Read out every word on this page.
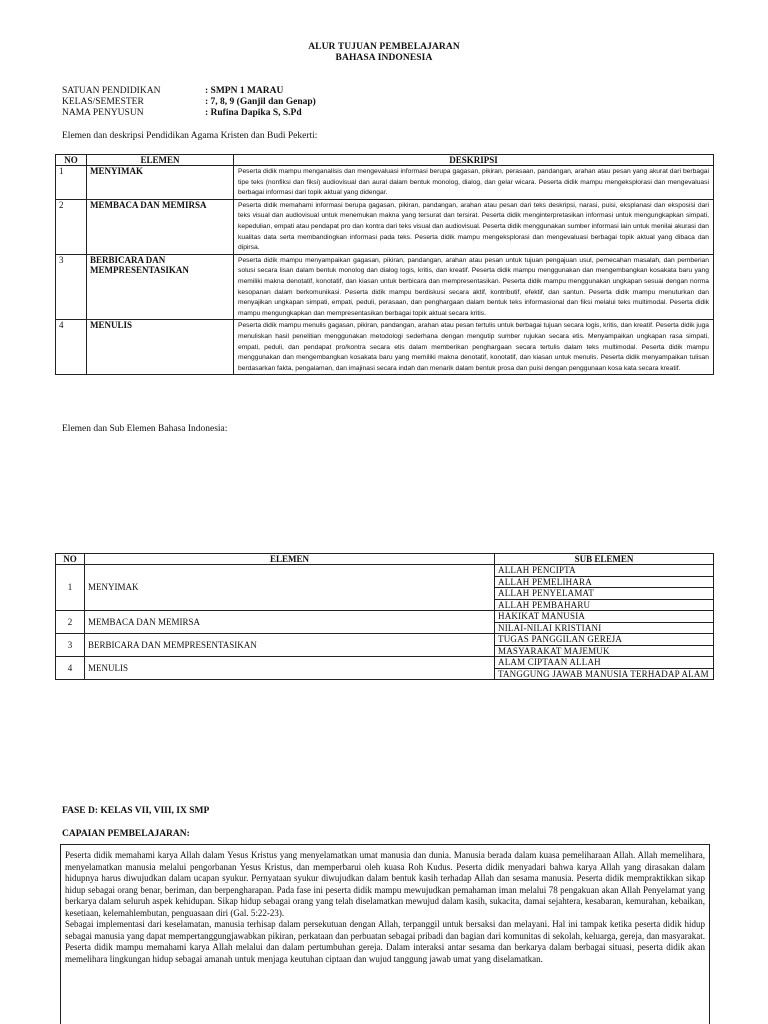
ALUR TUJUAN PEMBELAJARAN
BAHASA INDONESIA
SATUAN PENDIDIKAN	: SMPN 1 MARAU
KELAS/SEMESTER	: 7, 8, 9 (Ganjil dan Genap)
NAMA PENYUSUN	: Rufina Dapika S, S.Pd
Elemen dan deskripsi Pendidikan Agama Kristen dan Budi Pekerti:
NO	ELEMEN	DESKRIPSI
1	MENYIMAK	Peserta didik mampu menganalisis dan mengevaluasi informasi berupa gagasan, pikiran, perasaan, pandangan, arahan atau pesan yang akurat dari berbagai tipe teks (nonfiksi dan fiksi) audiovisual dan aural dalam bentuk monolog, dialog, dan gelar wicara. Peserta didik mampu mengeksplorasi dan mengevaluasi berbagai informasi dari topik aktual yang didengar.
2	MEMBACA DAN MEMIRSA	Peserta didik memahami informasi berupa gagasan, pikiran, pandangan, arahan atau pesan dari teks deskripsi, narasi, puisi, eksplanasi dan eksposisi dari teks visual dan audiovisual untuk menemukan makna yang tersurat dan tersirat. Peserta didik menginterpretasikan informasi untuk mengungkapkan simpati, kepedulian, empati atau pendapat pro dan kontra dari teks visual dan audiovisual. Peserta didik menggunakan sumber informasi lain untuk menilai akurasi dan kualitas data serta membandingkan informasi pada teks. Peserta didik mampu mengeksplorasi dan mengevaluasi berbagai topik aktual yang dibaca dan dipirsa.
3	BERBICARA DAN MEMPRESENTASIKAN	Peserta didik mampu menyampaikan gagasan, pikiran, pandangan, arahan atau pesan untuk tujuan pengajuan usul, pemecahan masalah, dan pemberian solusi secara lisan dalam bentuk monolog dan dialog logis, kritis, dan kreatif. Peserta didik mampu menggunakan dan mengembangkan kosakata baru yang memiliki makna denotatif, konotatif, dan kiasan untuk berbicara dan mempresentasikan. Peserta didik mampu menggunakan ungkapan sesuai dengan norma kesopanan dalam berkomunikasi. Peserta didik mampu berdiskusi secara aktif, kontributif, efektif, dan santun. Peserta didik mampu menuturkan dan menyajikan ungkapan simpati, empati, peduli, perasaan, dan penghargaan dalam bentuk teks informasional dan fiksi melalui teks multimodal. Peserta didik mampu mengungkapkan dan mempresentasikan berbagai topik aktual secara kritis.
4	MENULIS	Peserta didik mampu menulis gagasan, pikiran, pandangan, arahan atau pesan tertulis untuk berbagai tujuan secara logis, kritis, dan kreatif. Peserta didik juga menuliskan hasil penelitian menggunakan metodologi sederhana dengan mengutip sumber rujukan secara etis. Menyampaikan ungkapan rasa simpati, empati, peduli, dan pendapat pro/kontra secara etis dalam memberikan penghargaan secara tertulis dalam teks multimodal. Peserta didik mampu menggunakan dan mengembangkan kosakata baru yang memiliki makna denotatif, konotatif, dan kiasan untuk menulis. Peserta didik menyampaikan tulisan berdasarkan fakta, pengalaman, dan imajinasi secara indah dan menarik dalam bentuk prosa dan puisi dengan penggunaan kosa kata secara kreatif.
Elemen dan Sub Elemen Bahasa Indonesia:
NO	ELEMEN	SUB ELEMEN
1	MENYIMAK	ALLAH PENCIPTA
		ALLAH PEMELIHARA
		ALLAH PENYELAMAT
		ALLAH PEMBAHARU
2	MEMBACA DAN MEMIRSA	HAKIKAT MANUSIA
		NILAI-NILAI KRISTIANI
3	BERBICARA DAN MEMPRESENTASIKAN	TUGAS PANGGILAN GEREJA
		MASYARAKAT MAJEMUK
4	MENULIS	ALAM CIPTAAN ALLAH
		TANGGUNG JAWAB MANUSIA TERHADAP ALAM
FASE D: KELAS VII, VIII, IX SMP
CAPAIAN PEMBELAJARAN:

Peserta didik memahami karya Allah dalam Yesus Kristus yang menyelamatkan umat manusia dan dunia. Manusia berada dalam kuasa pemeliharaan Allah. Allah memelihara, menyelamatkan manusia melalui pengorbanan Yesus Kristus, dan memperbarui oleh kuasa Roh Kudus. Peserta didik menyadari bahwa karya Allah yang dirasakan dalam hidupnya harus diwujudkan dalam ucapan syukur. Pernyataan syukur diwujudkan dalam bentuk kasih terhadap Allah dan sesama manusia. Peserta didik mempraktikkan sikap hidup sebagai orang benar, beriman, dan berpengharapan. Pada fase ini peserta didik mampu mewujudkan pemahaman iman melalui 78 pengakuan akan Allah Penyelamat yang berkarya dalam seluruh aspek kehidupan. Sikap hidup sebagai orang yang telah diselamatkan mewujud dalam kasih, sukacita, damai sejahtera, kesabaran, kemurahan, kebaikan, kesetiaan, kelemahlembutan, penguasaan diri (Gal. 5:22-23).

Sebagai implementasi dari keselamatan, manusia terhisap dalam persekutuan dengan Allah, terpanggil untuk bersaksi dan melayani. Hal ini tampak ketika peserta didik hidup sebagai manusia yang dapat mempertanggungjawabkan pikiran, perkataan dan perbuatan sebagai pribadi dan bagian dari komunitas di sekolah, keluarga, gereja, dan masyarakat. Peserta didik mampu memahami karya Allah melalui dan dalam pertumbuhan gereja. Dalam interaksi antar sesama dan berkarya dalam berbagai situasi, peserta didik akan memelihara lingkungan hidup sebagai amanah untuk menjaga keutuhan ciptaan dan wujud tanggung jawab umat yang diselamatkan.
